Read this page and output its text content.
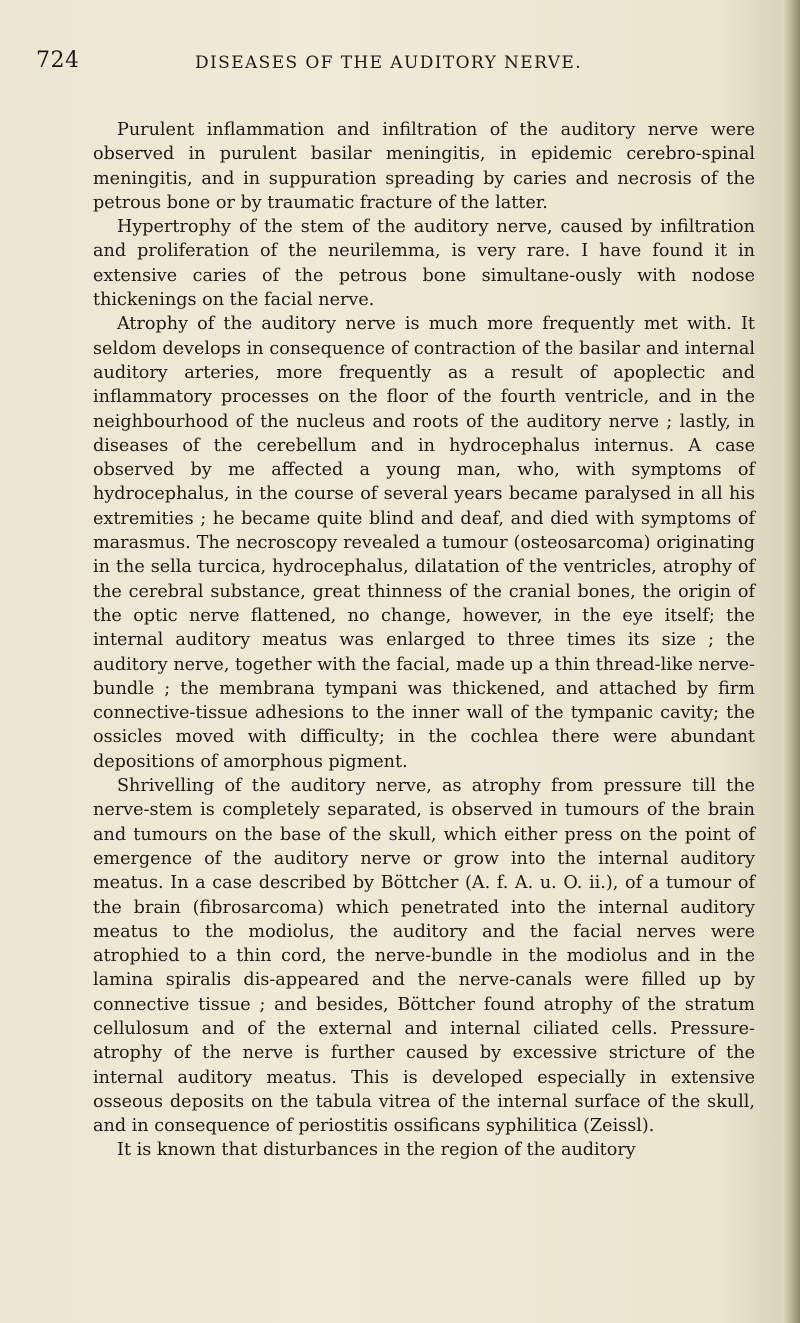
724	DISEASES OF THE AUDITORY NERVE.

Purulent inflammation and infiltration of the auditory nerve were observed in purulent basilar meningitis, in epidemic cerebro-spinal meningitis, and in suppuration spreading by caries and necrosis of the petrous bone or by traumatic fracture of the latter.

Hypertrophy of the stem of the auditory nerve, caused by infiltration and proliferation of the neurilemma, is very rare. I have found it in extensive caries of the petrous bone simultane-ously with nodose thickenings on the facial nerve.

Atrophy of the auditory nerve is much more frequently met with. It seldom develops in consequence of contraction of the basilar and internal auditory arteries, more frequently as a result of apoplectic and inflammatory processes on the floor of the fourth ventricle, and in the neighbourhood of the nucleus and roots of the auditory nerve ; lastly, in diseases of the cerebellum and in hydrocephalus internus. A case observed by me affected a young man, who, with symptoms of hydrocephalus, in the course of several years became paralysed in all his extremities ; he became quite blind and deaf, and died with symptoms of marasmus. The necroscopy revealed a tumour (osteosarcoma) originating in the sella turcica, hydrocephalus, dilatation of the ventricles, atrophy of the cerebral substance, great thinness of the cranial bones, the origin of the optic nerve flattened, no change, however, in the eye itself; the internal auditory meatus was enlarged to three times its size ; the auditory nerve, together with the facial, made up a thin thread-like nerve-bundle ; the membrana tympani was thickened, and attached by firm connective-tissue adhesions to the inner wall of the tympanic cavity; the ossicles moved with difficulty; in the cochlea there were abundant depositions of amorphous pigment.

Shrivelling of the auditory nerve, as atrophy from pressure till the nerve-stem is completely separated, is observed in tumours of the brain and tumours on the base of the skull, which either press on the point of emergence of the auditory nerve or grow into the internal auditory meatus. In a case described by Böttcher (A. f. A. u. O. ii.), of a tumour of the brain (fibrosarcoma) which penetrated into the internal auditory meatus to the modiolus, the auditory and the facial nerves were atrophied to a thin cord, the nerve-bundle in the modiolus and in the lamina spiralis dis-appeared and the nerve-canals were filled up by connective tissue ; and besides, Böttcher found atrophy of the stratum cellulosum and of the external and internal ciliated cells. Pressure-atrophy of the nerve is further caused by excessive stricture of the internal auditory meatus. This is developed especially in extensive osseous deposits on the tabula vitrea of the internal surface of the skull, and in consequence of periostitis ossificans syphilitica (Zeissl).

It is known that disturbances in the region of the auditory
